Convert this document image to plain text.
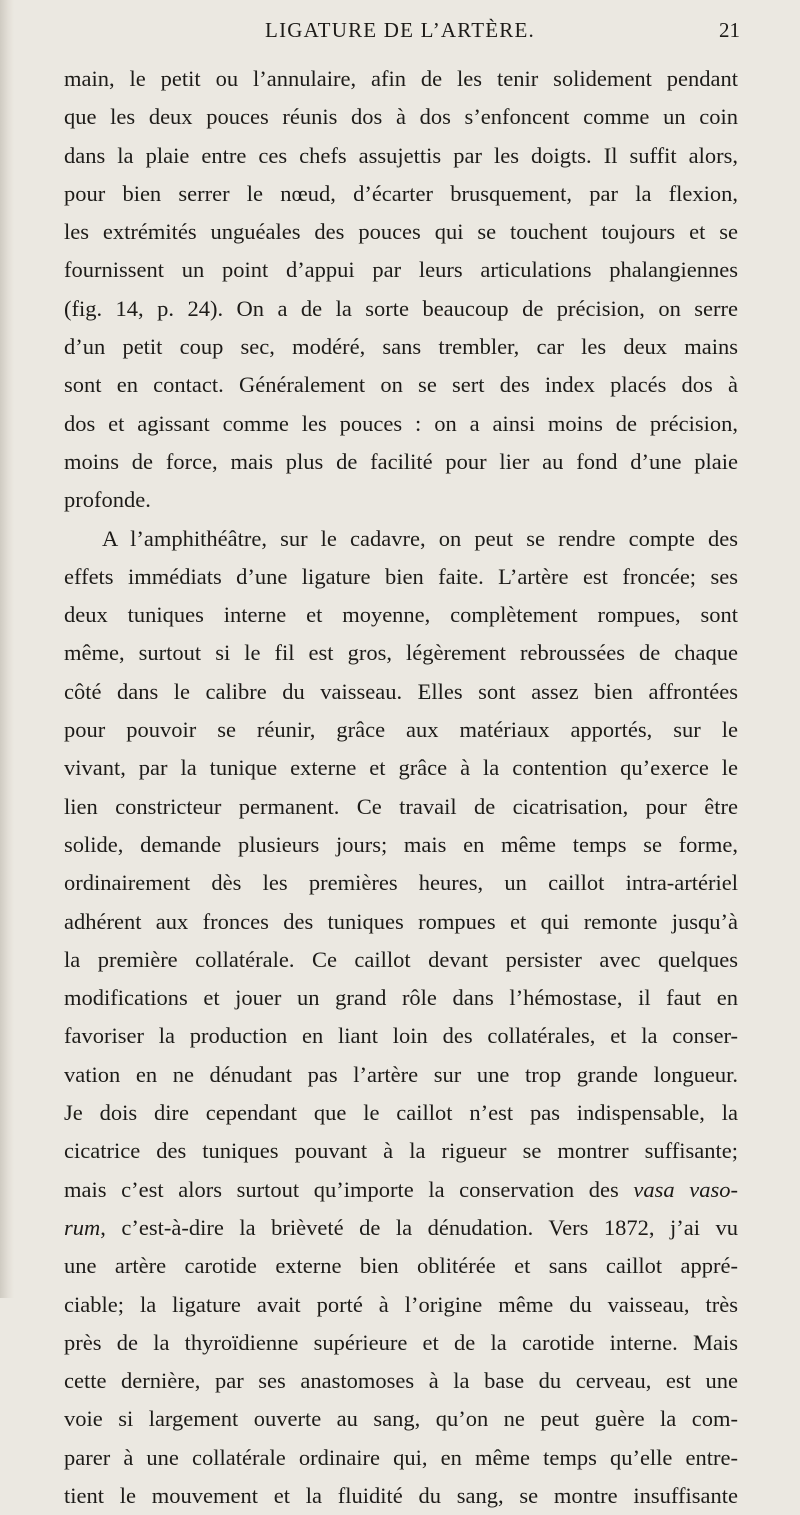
LIGATURE DE L’ARTÈRE.	21
main, le petit ou l’annulaire, afin de les tenir solidement pendant
que les deux pouces réunis dos à dos s’enfoncent comme un coin
dans la plaie entre ces chefs assujettis par les doigts. Il suffit alors,
pour bien serrer le nœud, d’écarter brusquement, par la flexion,
les extrémités unguéales des pouces qui se touchent toujours et se
fournissent un point d’appui par leurs articulations phalangiennes
(fig. 14, p. 24). On a de la sorte beaucoup de précision, on serre
d’un petit coup sec, modéré, sans trembler, car les deux mains
sont en contact. Généralement on se sert des index placés dos à
dos et agissant comme les pouces : on a ainsi moins de précision,
moins de force, mais plus de facilité pour lier au fond d’une plaie
profonde.
A l’amphithéâtre, sur le cadavre, on peut se rendre compte des
effets immédiats d’une ligature bien faite. L’artère est froncée; ses
deux tuniques interne et moyenne, complètement rompues, sont
même, surtout si le fil est gros, légèrement rebroussées de chaque
côté dans le calibre du vaisseau. Elles sont assez bien affrontées
pour pouvoir se réunir, grâce aux matériaux apportés, sur le
vivant, par la tunique externe et grâce à la contention qu’exerce le
lien constricteur permanent. Ce travail de cicatrisation, pour être
solide, demande plusieurs jours; mais en même temps se forme,
ordinairement dès les premières heures, un caillot intra-artériel
adhérent aux fronces des tuniques rompues et qui remonte jusqu’à
la première collatérale. Ce caillot devant persister avec quelques
modifications et jouer un grand rôle dans l’hémostase, il faut en
favoriser la production en liant loin des collatérales, et la conser-
vation en ne dénudant pas l’artère sur une trop grande longueur.
Je dois dire cependant que le caillot n’est pas indispensable, la
cicatrice des tuniques pouvant à la rigueur se montrer suffisante;
mais c’est alors surtout qu’importe la conservation des vasa vaso-
rum, c’est-à-dire la brièveté de la dénudation. Vers 1872, j’ai vu
une artère carotide externe bien oblitérée et sans caillot appré-
ciable; la ligature avait porté à l’origine même du vaisseau, très
près de la thyroïdienne supérieure et de la carotide interne. Mais
cette dernière, par ses anastomoses à la base du cerveau, est une
voie si largement ouverte au sang, qu’on ne peut guère la com-
parer à une collatérale ordinaire qui, en même temps qu’elle entre-
tient le mouvement et la fluidité du sang, se montre insuffisante
